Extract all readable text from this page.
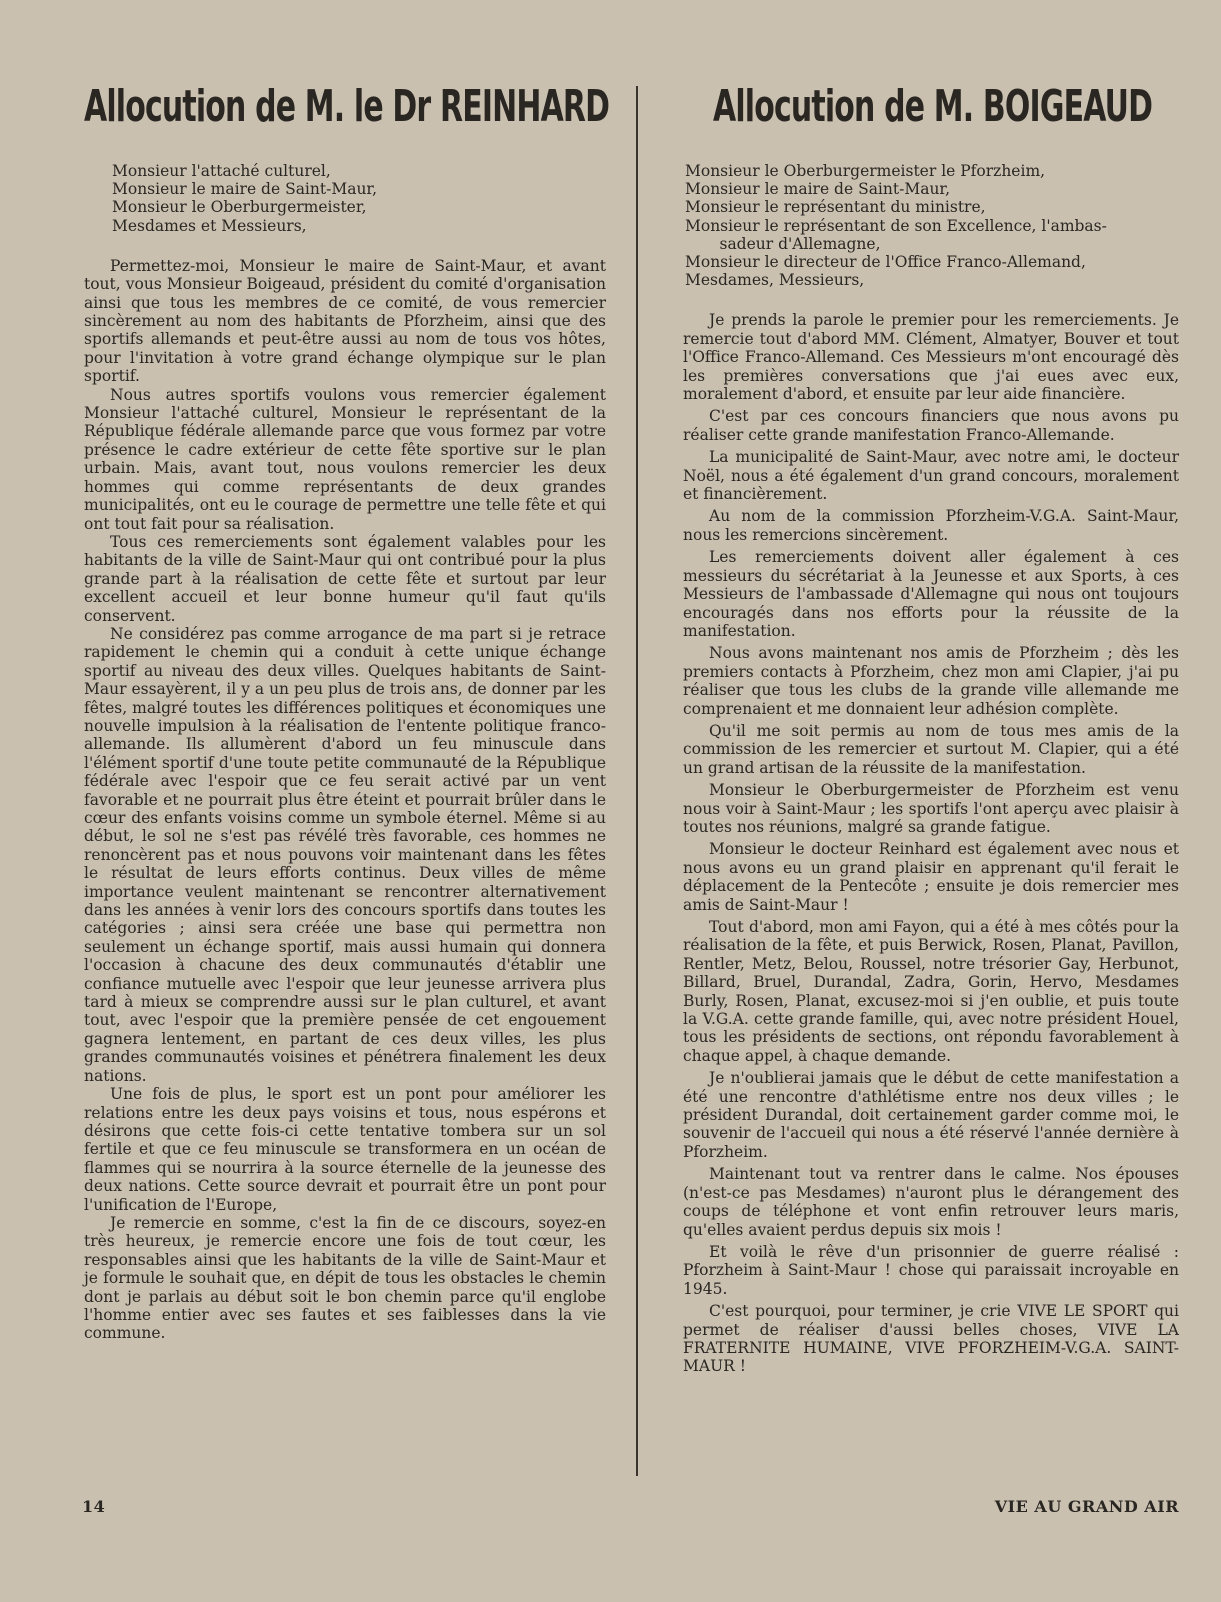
Allocution de M. le Dr REINHARD
Monsieur l'attaché culturel,
Monsieur le maire de Saint-Maur,
Monsieur le Oberburgermeister,
Mesdames et Messieurs,

Permettez-moi, Monsieur le maire de Saint-Maur, et avant tout, vous Monsieur Boigeaud, président du comité d'organisation ainsi que tous les membres de ce comité, de vous remercier sincèrement au nom des habitants de Pforzheim, ainsi que des sportifs allemands et peut-être aussi au nom de tous vos hôtes, pour l'invitation à votre grand échange olympique sur le plan sportif.

Nous autres sportifs voulons vous remercier également Monsieur l'attaché culturel, Monsieur le représentant de la République fédérale allemande parce que vous formez par votre présence le cadre extérieur de cette fête sportive sur le plan urbain. Mais, avant tout, nous voulons remercier les deux hommes qui comme représentants de deux grandes municipalités, ont eu le courage de permettre une telle fête et qui ont tout fait pour sa réalisation.

Tous ces remerciements sont également valables pour les habitants de la ville de Saint-Maur qui ont contribué pour la plus grande part à la réalisation de cette fête et surtout par leur excellent accueil et leur bonne humeur qu'il faut qu'ils conservent.

Ne considérez pas comme arrogance de ma part si je retrace rapidement le chemin qui a conduit à cette unique échange sportif au niveau des deux villes. Quelques habitants de Saint-Maur essayèrent, il y a un peu plus de trois ans, de donner par les fêtes, malgré toutes les différences politiques et économiques une nouvelle impulsion à la réalisation de l'entente politique franco-allemande. Ils allumèrent d'abord un feu minuscule dans l'élément sportif d'une toute petite communauté de la République fédérale avec l'espoir que ce feu serait activé par un vent favorable et ne pourrait plus être éteint et pourrait brûler dans le cœur des enfants voisins comme un symbole éternel. Même si au début, le sol ne s'est pas révélé très favorable, ces hommes ne renoncèrent pas et nous pouvons voir maintenant dans les fêtes le résultat de leurs efforts continus. Deux villes de même importance veulent maintenant se rencontrer alternativement dans les années à venir lors des concours sportifs dans toutes les catégories ; ainsi sera créée une base qui permettra non seulement un échange sportif, mais aussi humain qui donnera l'occasion à chacune des deux communautés d'établir une confiance mutuelle avec l'espoir que leur jeunesse arrivera plus tard à mieux se comprendre aussi sur le plan culturel, et avant tout, avec l'espoir que la première pensée de cet engouement gagnera lentement, en partant de ces deux villes, les plus grandes communautés voisines et pénétrera finalement les deux nations.

Une fois de plus, le sport est un pont pour améliorer les relations entre les deux pays voisins et tous, nous espérons et désirons que cette fois-ci cette tentative tombera sur un sol fertile et que ce feu minuscule se transformera en un océan de flammes qui se nourrira à la source éternelle de la jeunesse des deux nations. Cette source devrait et pourrait être un pont pour l'unification de l'Europe,

Je remercie en somme, c'est la fin de ce discours, soyez-en très heureux, je remercie encore une fois de tout cœur, les responsables ainsi que les habitants de la ville de Saint-Maur et je formule le souhait que, en dépit de tous les obstacles le chemin dont je parlais au début soit le bon chemin parce qu'il englobe l'homme entier avec ses fautes et ses faiblesses dans la vie commune.

Allocution de M. BOIGEAUD
Monsieur le Oberburgermeister le Pforzheim,
Monsieur le maire de Saint-Maur,
Monsieur le représentant du ministre,
Monsieur le représentant de son Excellence, l'ambas-
sadeur d'Allemagne,
Monsieur le directeur de l'Office Franco-Allemand,
Mesdames, Messieurs,

Je prends la parole le premier pour les remerciements. Je remercie tout d'abord MM. Clément, Almatyer, Bouver et tout l'Office Franco-Allemand. Ces Messieurs m'ont encouragé dès les premières conversations que j'ai eues avec eux, moralement d'abord, et ensuite par leur aide financière.

C'est par ces concours financiers que nous avons pu réaliser cette grande manifestation Franco-Allemande.

La municipalité de Saint-Maur, avec notre ami, le docteur Noël, nous a été également d'un grand concours, moralement et financièrement.

Au nom de la commission Pforzheim-V.G.A. Saint-Maur, nous les remercions sincèrement.

Les remerciements doivent aller également à ces messieurs du sécrétariat à la Jeunesse et aux Sports, à ces Messieurs de l'ambassade d'Allemagne qui nous ont toujours encouragés dans nos efforts pour la réussite de la manifestation.

Nous avons maintenant nos amis de Pforzheim ; dès les premiers contacts à Pforzheim, chez mon ami Clapier, j'ai pu réaliser que tous les clubs de la grande ville allemande me comprenaient et me donnaient leur adhésion complète.

Qu'il me soit permis au nom de tous mes amis de la commission de les remercier et surtout M. Clapier, qui a été un grand artisan de la réussite de la manifestation.

Monsieur le Oberburgermeister de Pforzheim est venu nous voir à Saint-Maur ; les sportifs l'ont aperçu avec plaisir à toutes nos réunions, malgré sa grande fatigue.

Monsieur le docteur Reinhard est également avec nous et nous avons eu un grand plaisir en apprenant qu'il ferait le déplacement de la Pentecôte ; ensuite je dois remercier mes amis de Saint-Maur !

Tout d'abord, mon ami Fayon, qui a été à mes côtés pour la réalisation de la fête, et puis Berwick, Rosen, Planat, Pavillon, Rentler, Metz, Belou, Roussel, notre trésorier Gay, Herbunot, Billard, Bruel, Durandal, Zadra, Gorin, Hervo, Mesdames Burly, Rosen, Planat, excusez-moi si j'en oublie, et puis toute la V.G.A. cette grande famille, qui, avec notre président Houel, tous les présidents de sections, ont répondu favorablement à chaque appel, à chaque demande.

Je n'oublierai jamais que le début de cette manifestation a été une rencontre d'athlétisme entre nos deux villes ; le président Durandal, doit certainement garder comme moi, le souvenir de l'accueil qui nous a été réservé l'année dernière à Pforzheim.

Maintenant tout va rentrer dans le calme. Nos épouses (n'est-ce pas Mesdames) n'auront plus le dérangement des coups de téléphone et vont enfin retrouver leurs maris, qu'elles avaient perdus depuis six mois !

Et voilà le rêve d'un prisonnier de guerre réalisé : Pforzheim à Saint-Maur ! chose qui paraissait incroyable en 1945.

C'est pourquoi, pour terminer, je crie VIVE LE SPORT qui permet de réaliser d'aussi belles choses, VIVE LA FRATERNITE HUMAINE, VIVE PFORZHEIM-V.G.A. SAINT-MAUR !

14	VIE AU GRAND AIR
